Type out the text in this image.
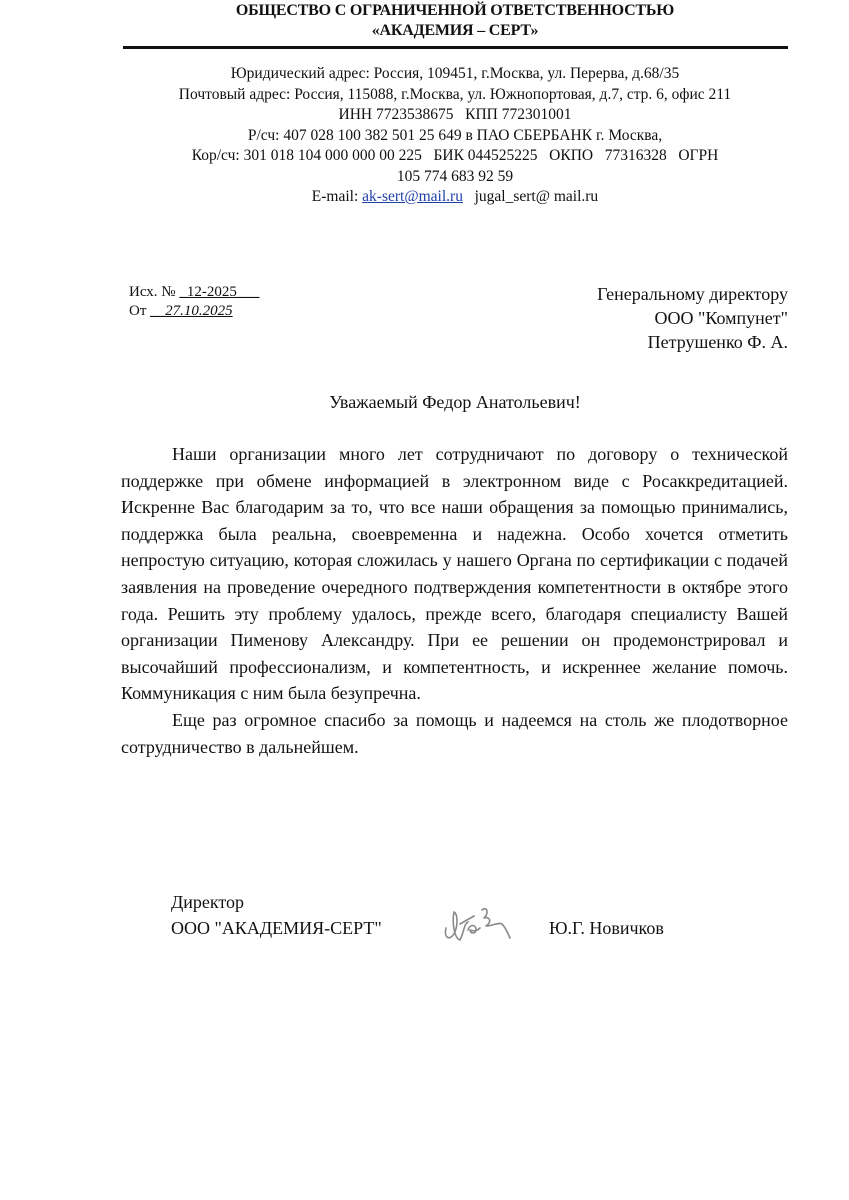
ОБЩЕСТВО С ОГРАНИЧЕННОЙ ОТВЕТСТВЕННОСТЬЮ
«АКАДЕМИЯ – СЕРТ»
Юридический адрес: Россия, 109451, г.Москва, ул. Перерва, д.68/35
Почтовый адрес: Россия, 115088, г.Москва, ул. Южнопортовая, д.7, стр. 6, офис 211
ИНН 7723538675   КПП 772301001
Р/сч: 407 028 100 382 501 25 649 в ПАО СБЕРБАНК г. Москва,
Кор/сч: 301 018 104 000 000 00 225   БИК 044525225   ОКПО   77316328   ОГРН
105 774 683 92 59
E-mail: ak-sert@mail.ru   jugal_sert@ mail.ru
Исх. № _12-2025___
От __27.10.2025
Генеральному директору
ООО "Компунет"
Петрушенко Ф. А.
Уважаемый Федор Анатольевич!

Наши организации много лет сотрудничают по договору о технической поддержке при обмене информацией в электронном виде с Росаккредитацией. Искренне Вас благодарим за то, что все наши обращения за помощью принимались, поддержка была реальна, своевременна и надежна. Особо хочется отметить непростую ситуацию, которая сложилась у нашего Органа по сертификации с подачей заявления на проведение очередного подтверждения компетентности в октябре этого года. Решить эту проблему удалось, прежде всего, благодаря специалисту Вашей организации Пименову Александру. При ее решении он продемонстрировал и высочайший профессионализм, и компетентность, и искреннее желание помочь. Коммуникация с ним была безупречна.

Еще раз огромное спасибо за помощь и надеемся на столь же плодотворное сотрудничество в дальнейшем.

Директор
ООО "АКАДЕМИЯ-СЕРТ"	Ю.Г. Новичков
